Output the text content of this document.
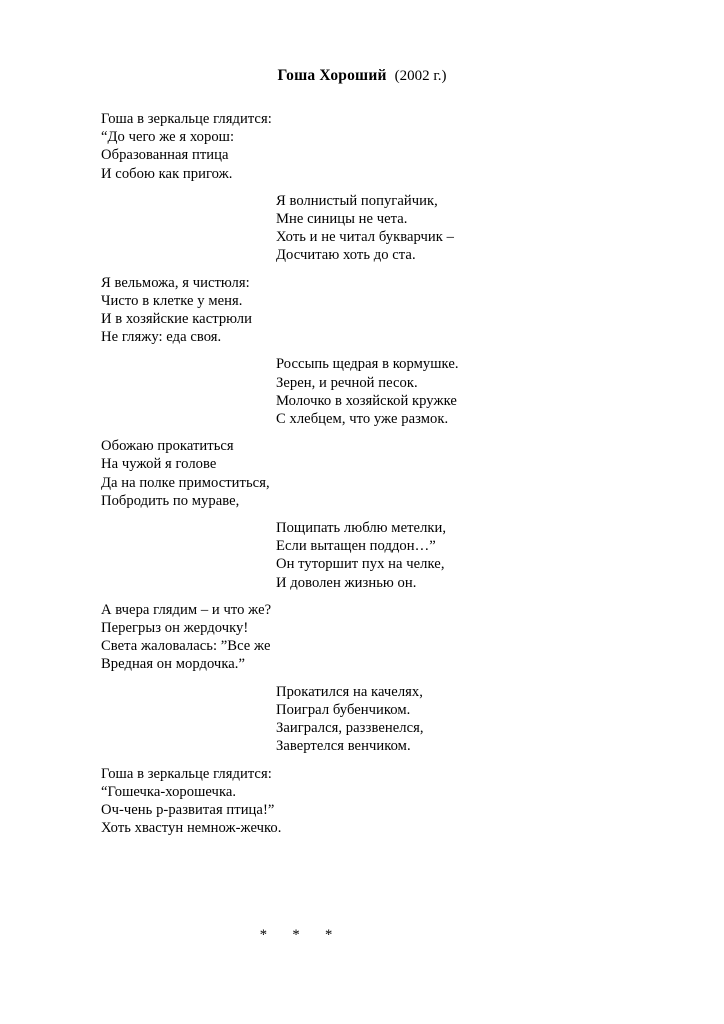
Гоша Хороший (2002 г.)
Гоша в зеркальце глядится:
“До чего же я хорош:
Образованная птица
И собою как пригож.
Я волнистый попугайчик,
Мне синицы не чета.
Хоть и не читал букварчик –
Досчитаю хоть до ста.
Я вельможа, я чистюля:
Чисто в клетке у меня.
И в хозяйские кастрюли
Не гляжу: еда своя.
Россыпь щедрая в кормушке.
Зерен, и речной песок.
Молочко в хозяйской кружке
С хлебцем, что уже размок.
Обожаю прокатиться
На чужой я голове
Да на полке примоститься,
Побродить по мураве,
Пощипать люблю метелки,
Если вытащен поддон…”
Он туторшит пух на челке,
И доволен жизнью он.
А вчера глядим – и что же?
Перегрыз он жердочку!
Света жаловалась: ”Все же
Вредная он мордочка.”
Прокатился на качелях,
Поиграл бубенчиком.
Заигрался, раззвенелся,
Завертелся венчиком.
Гоша в зеркальце глядится:
“Гошечка-хорошечка.
Оч-чень р-развитая птица!”
Хоть хвастун немнож-жечко.
*  *  *
